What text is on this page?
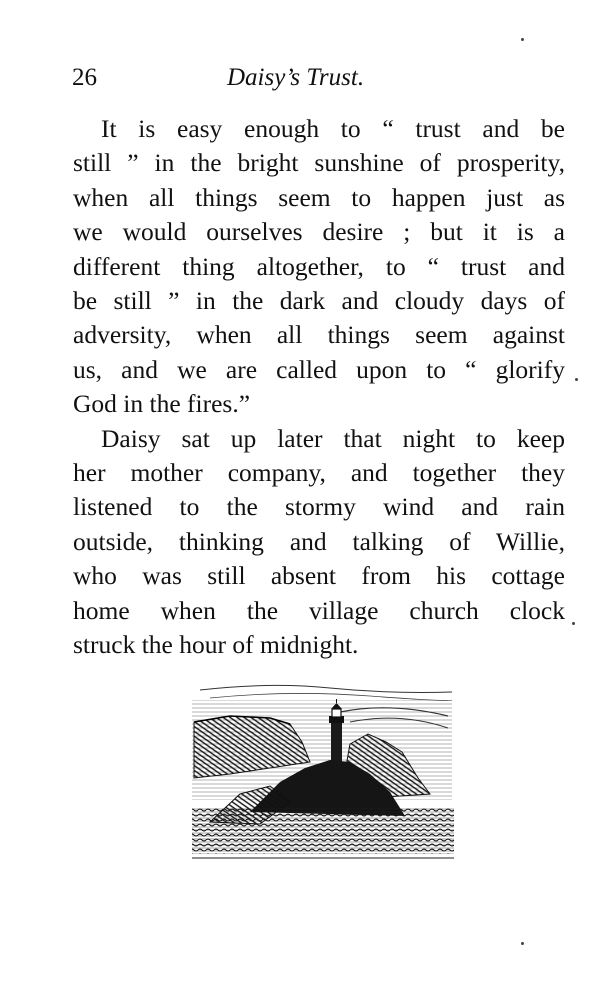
26	Daisy’s Trust.

It is easy enough to “ trust and be
still ” in the bright sunshine of prosperity,
when all things seem to happen just as
we would ourselves desire ; but it is a
different thing altogether, to “ trust and
be still ” in the dark and cloudy days of
adversity, when all things seem against
us, and we are called upon to “ glorify
God in the fires.”

Daisy sat up later that night to keep
her mother company, and together they
listened to the stormy wind and rain
outside, thinking and talking of Willie,
who was still absent from his cottage
home when the village church clock
struck the hour of midnight.
